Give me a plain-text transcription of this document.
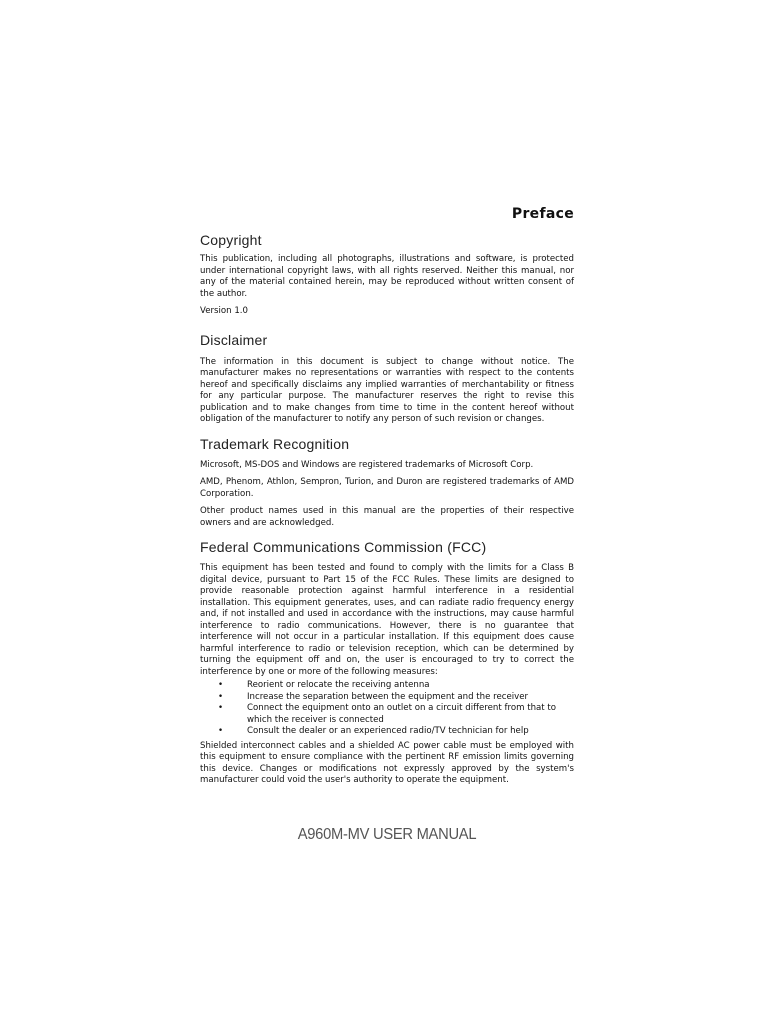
Preface
Copyright

This publication, including all photographs, illustrations and software, is protected under international copyright laws, with all rights reserved. Neither this manual, nor any of the material contained herein, may be reproduced without written consent of the author.

Version 1.0

Disclaimer

The information in this document is subject to change without notice. The manufacturer makes no representations or warranties with respect to the contents hereof and specifically disclaims any implied warranties of merchantability or fitness for any particular purpose. The manufacturer reserves the right to revise this publication and to make changes from time to time in the content hereof without obligation of the manufacturer to notify any person of such revision or changes.

Trademark Recognition

Microsoft, MS-DOS and Windows are registered trademarks of Microsoft Corp.

AMD, Phenom, Athlon, Sempron, Turion, and Duron are registered trademarks of AMD Corporation.

Other product names used in this manual are the properties of their respective owners and are acknowledged.

Federal Communications Commission (FCC)

This equipment has been tested and found to comply with the limits for a Class B digital device, pursuant to Part 15 of the FCC Rules. These limits are designed to provide reasonable protection against harmful interference in a residential installation. This equipment generates, uses, and can radiate radio frequency energy and, if not installed and used in accordance with the instructions, may cause harmful interference to radio communications. However, there is no guarantee that interference will not occur in a particular installation. If this equipment does cause harmful interference to radio or television reception, which can be determined by turning the equipment off and on, the user is encouraged to try to correct the interference by one or more of the following measures:

•	Reorient or relocate the receiving antenna
•	Increase the separation between the equipment and the receiver
•	Connect the equipment onto an outlet on a circuit different from that to which the receiver is connected
•	Consult the dealer or an experienced radio/TV technician for help

Shielded interconnect cables and a shielded AC power cable must be employed with this equipment to ensure compliance with the pertinent RF emission limits governing this device. Changes or modifications not expressly approved by the system's manufacturer could void the user's authority to operate the equipment.

A960M-MV USER MANUAL
